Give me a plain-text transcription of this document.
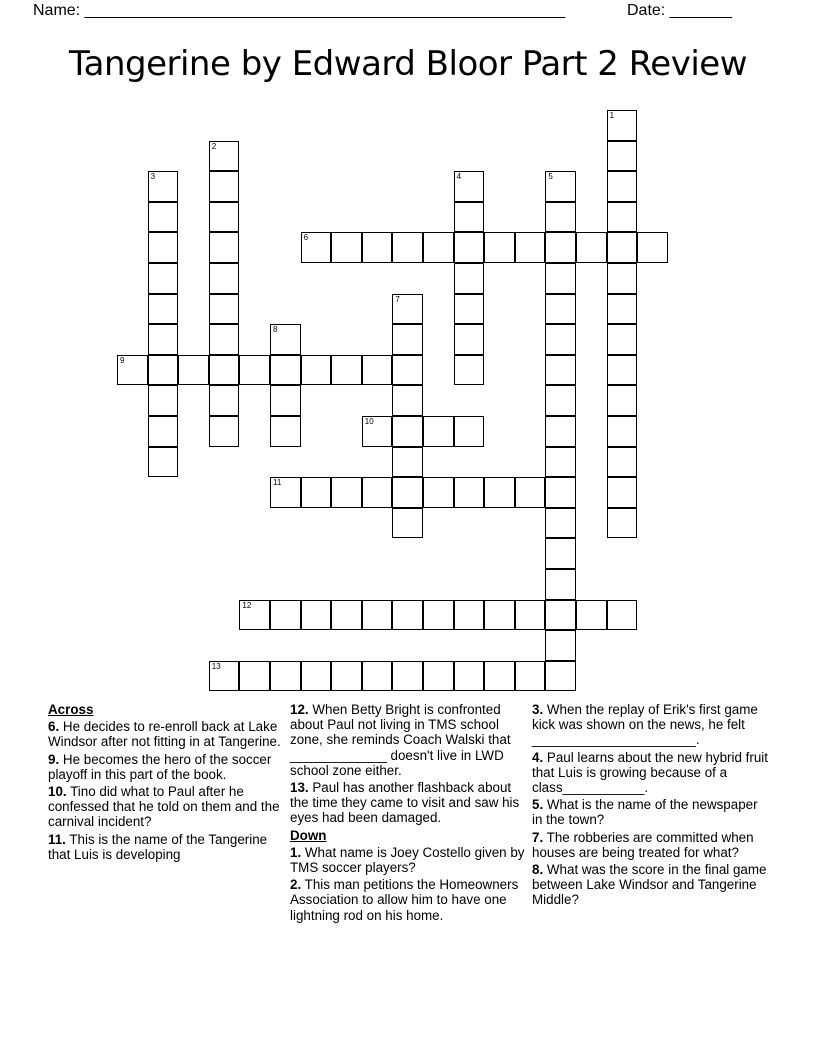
Name: ______________________________________________________	Date: _______
Tangerine by Edward Bloor Part 2 Review
1
2
3	4	5
6
7
8
9
10
11
12
13
Across
6. He decides to re-enroll back at Lake Windsor after not fitting in at Tangerine.
9. He becomes the hero of the soccer playoff in this part of the book.
10. Tino did what to Paul after he confessed that he told on them and the carnival incident?
11. This is the name of the Tangerine that Luis is developing
12. When Betty Bright is confronted about Paul not living in TMS school zone, she reminds Coach Walski that _____________ doesn't live in LWD school zone either.
13. Paul has another flashback about the time they came to visit and saw his eyes had been damaged.
Down
1. What name is Joey Costello given by TMS soccer players?
2. This man petitions the Homeowners Association to allow him to have one lightning rod on his home.
3. When the replay of Erik's first game kick was shown on the news, he felt ______________________.
4. Paul learns about the new hybrid fruit that Luis is growing because of a class___________.
5. What is the name of the newspaper in the town?
7. The robberies are committed when houses are being treated for what?
8. What was the score in the final game between Lake Windsor and Tangerine Middle?
